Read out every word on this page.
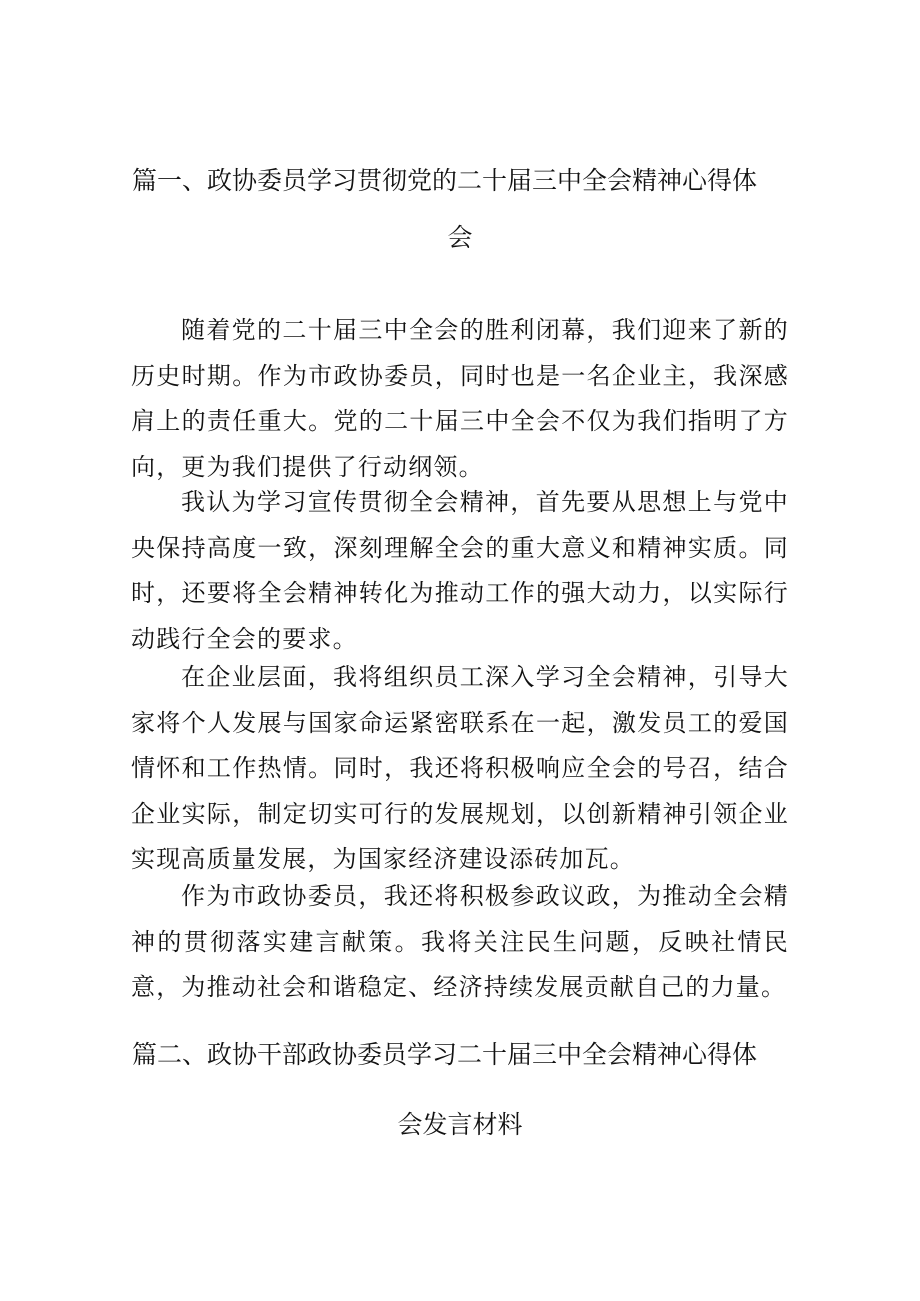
篇一、政协委员学习贯彻党的二十届三中全会精神心得体
会

随着党的二十届三中全会的胜利闭幕，我们迎来了新的历史时期。作为市政协委员，同时也是一名企业主，我深感肩上的责任重大。党的二十届三中全会不仅为我们指明了方向，更为我们提供了行动纲领。

我认为学习宣传贯彻全会精神，首先要从思想上与党中央保持高度一致，深刻理解全会的重大意义和精神实质。同时，还要将全会精神转化为推动工作的强大动力，以实际行动践行全会的要求。

在企业层面，我将组织员工深入学习全会精神，引导大家将个人发展与国家命运紧密联系在一起，激发员工的爱国情怀和工作热情。同时，我还将积极响应全会的号召，结合企业实际，制定切实可行的发展规划，以创新精神引领企业实现高质量发展，为国家经济建设添砖加瓦。

作为市政协委员，我还将积极参政议政，为推动全会精神的贯彻落实建言献策。我将关注民生问题，反映社情民意，为推动社会和谐稳定、经济持续发展贡献自己的力量。

篇二、政协干部政协委员学习二十届三中全会精神心得体
会发言材料
